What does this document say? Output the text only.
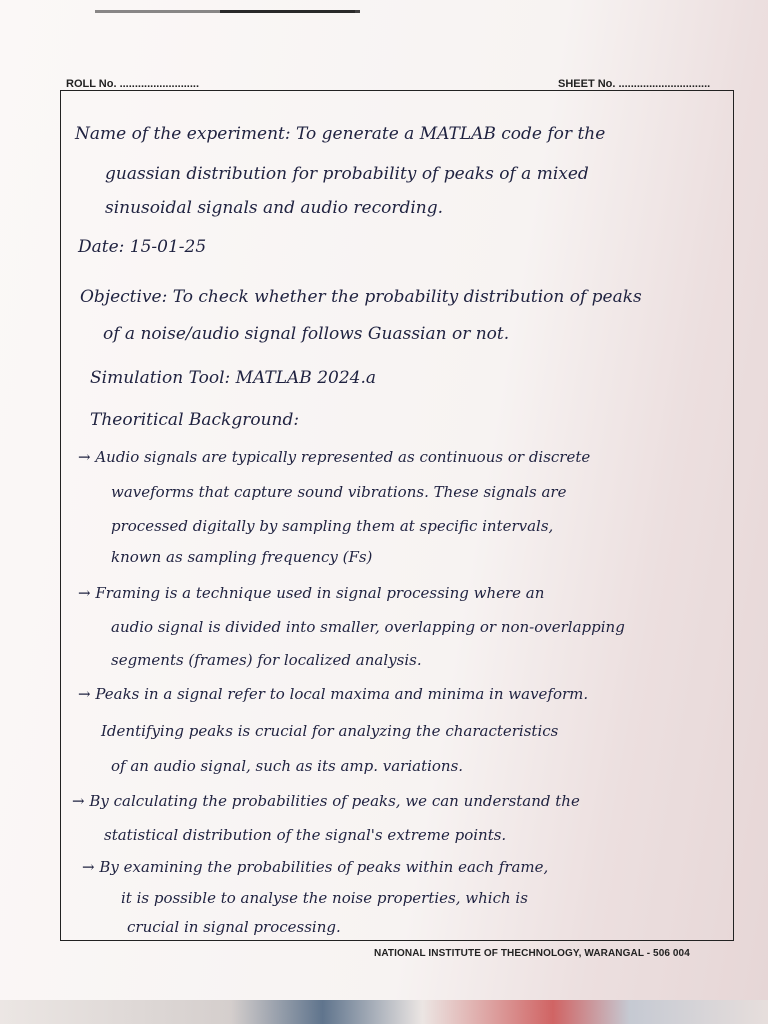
ROLL No. ..........................	SHEET No. ..............................
Name of the experiment: To generate a MATLAB code for the
guassian distribution for probability of peaks of a mixed
sinusoidal signals and audio recording.
Date: 15-01-25
Objective: To check whether the probability distribution of peaks
of a noise/audio signal follows Guassian or not.
Simulation Tool: MATLAB 2024.a
Theoritical Background:
→ Audio signals are typically represented as continuous or discrete
waveforms that capture sound vibrations. These signals are
processed digitally by sampling them at specific intervals,
known as sampling frequency (Fs)
→ Framing is a technique used in signal processing where an
audio signal is divided into smaller, overlapping or non-overlapping
segments (frames) for localized analysis.
→ Peaks in a signal refer to local maxima and minima in waveform.
Identifying peaks is crucial for analyzing the characteristics
of an audio signal, such as its amp. variations.
→ By calculating the probabilities of peaks, we can understand the
statistical distribution of the signal's extreme points.
→ By examining the probabilities of peaks within each frame,
it is possible to analyse the noise properties, which is
crucial in signal processing.
NATIONAL INSTITUTE OF THECHNOLOGY, WARANGAL - 506 004
